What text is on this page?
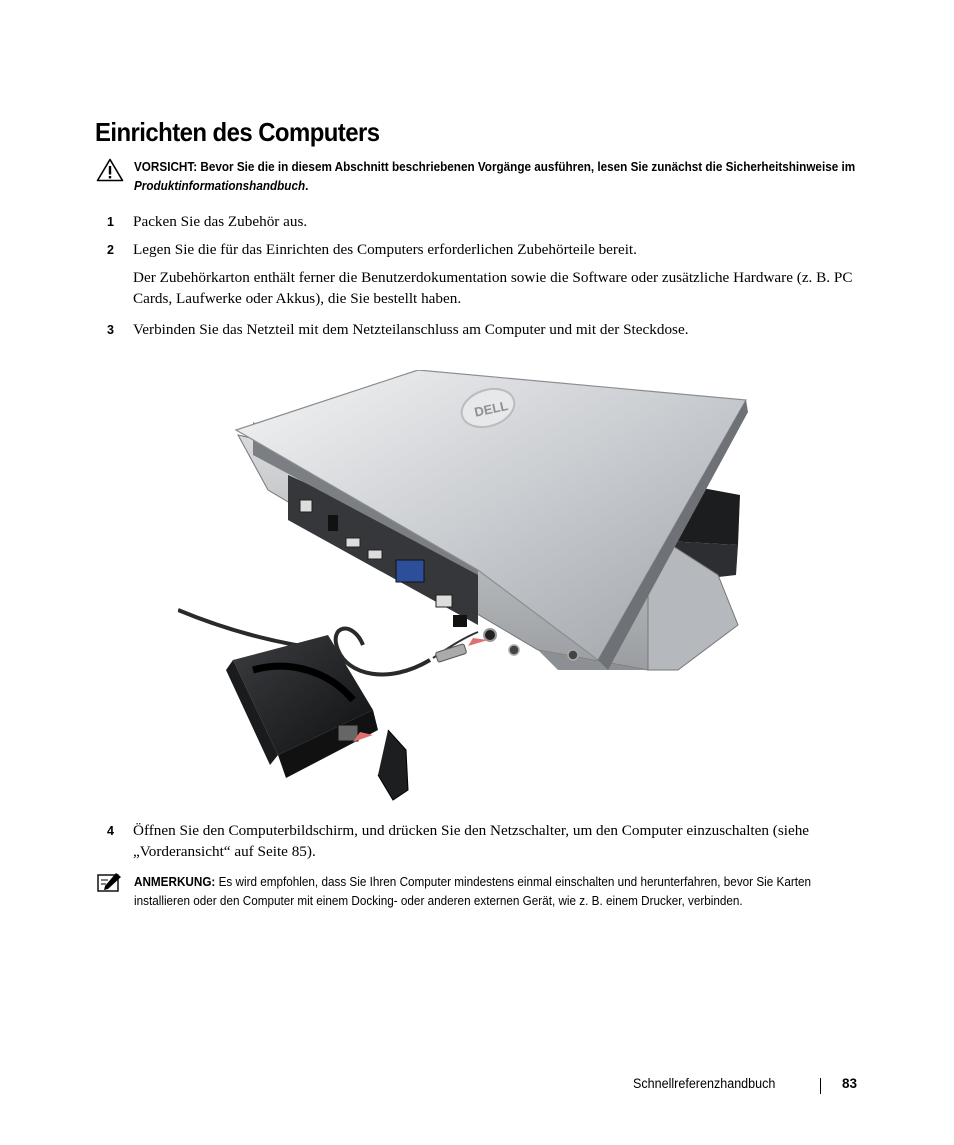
Einrichten des Computers
VORSICHT: Bevor Sie die in diesem Abschnitt beschriebenen Vorgänge ausführen, lesen Sie zunächst die Sicherheitshinweise im Produktinformationshandbuch.
1 Packen Sie das Zubehör aus.
2 Legen Sie die für das Einrichten des Computers erforderlichen Zubehörteile bereit.
Der Zubehörkarton enthält ferner die Benutzerdokumentation sowie die Software oder zusätzliche Hardware (z. B. PC Cards, Laufwerke oder Akkus), die Sie bestellt haben.
3 Verbinden Sie das Netzteil mit dem Netzteilanschluss am Computer und mit der Steckdose.
DELL
4 Öffnen Sie den Computerbildschirm, und drücken Sie den Netzschalter, um den Computer einzuschalten (siehe „Vorderansicht“ auf Seite 85).
ANMERKUNG: Es wird empfohlen, dass Sie Ihren Computer mindestens einmal einschalten und herunterfahren, bevor Sie Karten installieren oder den Computer mit einem Docking- oder anderen externen Gerät, wie z. B. einem Drucker, verbinden.
Schnellreferenzhandbuch	83
